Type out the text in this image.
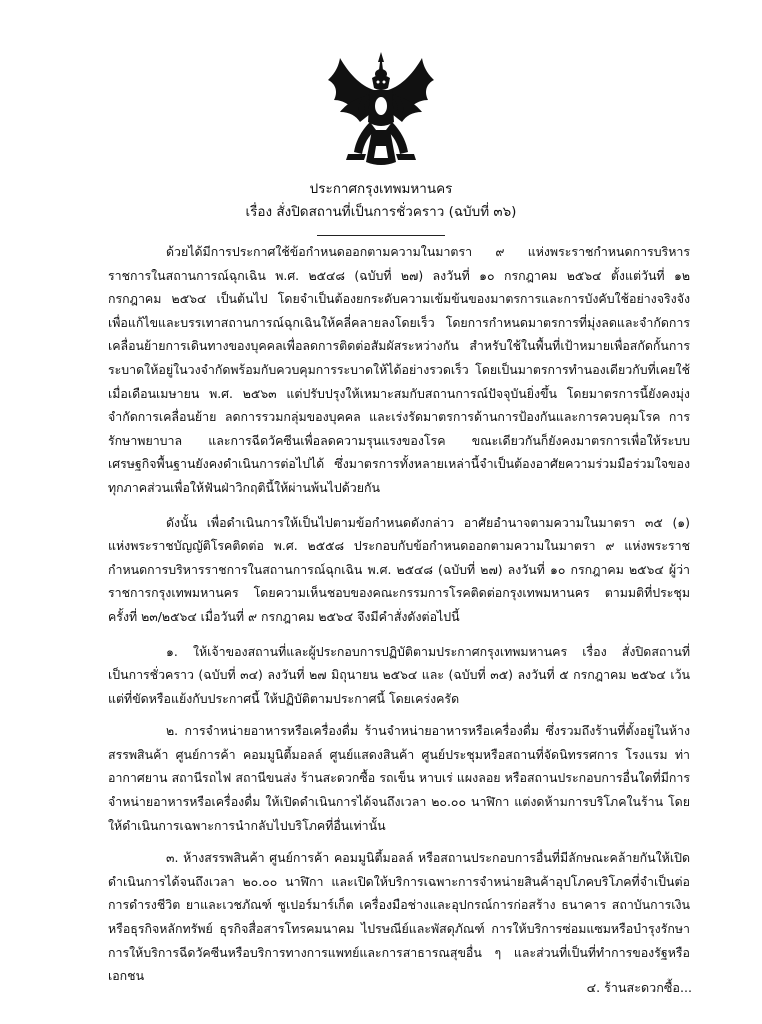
ประกาศกรุงเทพมหานคร
เรื่อง สั่งปิดสถานที่เป็นการชั่วคราว (ฉบับที่ ๓๖)

ด้วยได้มีการประกาศใช้ข้อกำหนดออกตามความในมาตรา ๙ แห่งพระราชกำหนดการบริหารราชการในสถานการณ์ฉุกเฉิน พ.ศ. ๒๕๔๘ (ฉบับที่ ๒๗) ลงวันที่ ๑๐ กรกฎาคม ๒๕๖๔ ตั้งแต่วันที่ ๑๒ กรกฎาคม ๒๕๖๔ เป็นต้นไป โดยจำเป็นต้องยกระดับความเข้มข้นของมาตรการและการบังคับใช้อย่างจริงจัง เพื่อแก้ไขและบรรเทาสถานการณ์ฉุกเฉินให้คลี่คลายลงโดยเร็ว โดยการกำหนดมาตรการที่มุ่งลดและจำกัดการเคลื่อนย้ายการเดินทางของบุคคลเพื่อลดการติดต่อสัมผัสระหว่างกัน สำหรับใช้ในพื้นที่เป้าหมายเพื่อสกัดกั้นการระบาดให้อยู่ในวงจำกัดพร้อมกับควบคุมการระบาดให้ได้อย่างรวดเร็ว โดยเป็นมาตรการทำนองเดียวกับที่เคยใช้เมื่อเดือนเมษายน พ.ศ. ๒๕๖๓ แต่ปรับปรุงให้เหมาะสมกับสถานการณ์ปัจจุบันยิ่งขึ้น โดยมาตรการนี้ยังคงมุ่งจำกัดการเคลื่อนย้าย ลดการรวมกลุ่มของบุคคล และเร่งรัดมาตรการด้านการป้องกันและการควบคุมโรค การรักษาพยาบาล และการฉีดวัคซีนเพื่อลดความรุนแรงของโรค ขณะเดียวกันก็ยังคงมาตรการเพื่อให้ระบบเศรษฐกิจพื้นฐานยังคงดำเนินการต่อไปได้ ซึ่งมาตรการทั้งหลายเหล่านี้จำเป็นต้องอาศัยความร่วมมือร่วมใจของทุกภาคส่วนเพื่อให้ฟันฝ่าวิกฤตินี้ให้ผ่านพ้นไปด้วยกัน

ดังนั้น เพื่อดำเนินการให้เป็นไปตามข้อกำหนดดังกล่าว อาศัยอำนาจตามความในมาตรา ๓๕ (๑) แห่งพระราชบัญญัติโรคติดต่อ พ.ศ. ๒๕๕๘ ประกอบกับข้อกำหนดออกตามความในมาตรา ๙ แห่งพระราชกำหนดการบริหารราชการในสถานการณ์ฉุกเฉิน พ.ศ. ๒๕๔๘ (ฉบับที่ ๒๗) ลงวันที่ ๑๐ กรกฎาคม ๒๕๖๔ ผู้ว่าราชการกรุงเทพมหานคร โดยความเห็นชอบของคณะกรรมการโรคติดต่อกรุงเทพมหานคร ตามมติที่ประชุม ครั้งที่ ๒๓/๒๕๖๔ เมื่อวันที่ ๙ กรกฎาคม ๒๕๖๔ จึงมีคำสั่งดังต่อไปนี้

๑. ให้เจ้าของสถานที่และผู้ประกอบการปฏิบัติตามประกาศกรุงเทพมหานคร เรื่อง สั่งปิดสถานที่เป็นการชั่วคราว (ฉบับที่ ๓๔) ลงวันที่ ๒๗ มิถุนายน ๒๕๖๔ และ (ฉบับที่ ๓๕) ลงวันที่ ๕ กรกฎาคม ๒๕๖๔ เว้นแต่ที่ขัดหรือแย้งกับประกาศนี้ ให้ปฏิบัติตามประกาศนี้ โดยเคร่งครัด

๒. การจำหน่ายอาหารหรือเครื่องดื่ม ร้านจำหน่ายอาหารหรือเครื่องดื่ม ซึ่งรวมถึงร้านที่ตั้งอยู่ในห้างสรรพสินค้า ศูนย์การค้า คอมมูนิตี้มอลล์ ศูนย์แสดงสินค้า ศูนย์ประชุมหรือสถานที่จัดนิทรรศการ โรงแรม ท่าอากาศยาน สถานีรถไฟ สถานีขนส่ง ร้านสะดวกซื้อ รถเข็น หาบเร่ แผงลอย หรือสถานประกอบการอื่นใดที่มีการจำหน่ายอาหารหรือเครื่องดื่ม ให้เปิดดำเนินการได้จนถึงเวลา ๒๐.๐๐ นาฬิกา แต่งดห้ามการบริโภคในร้าน โดยให้ดำเนินการเฉพาะการนำกลับไปบริโภคที่อื่นเท่านั้น

๓. ห้างสรรพสินค้า ศูนย์การค้า คอมมูนิตี้มอลล์ หรือสถานประกอบการอื่นที่มีลักษณะคล้ายกันให้เปิดดำเนินการได้จนถึงเวลา ๒๐.๐๐ นาฬิกา และเปิดให้บริการเฉพาะการจำหน่ายสินค้าอุปโภคบริโภคที่จำเป็นต่อการดำรงชีวิต ยาและเวชภัณฑ์ ซูเปอร์มาร์เก็ต เครื่องมือช่างและอุปกรณ์การก่อสร้าง ธนาคาร สถาบันการเงินหรือธุรกิจหลักทรัพย์ ธุรกิจสื่อสารโทรคมนาคม ไปรษณีย์และพัสดุภัณฑ์ การให้บริการซ่อมแซมหรือบำรุงรักษา การให้บริการฉีดวัคซีนหรือบริการทางการแพทย์และการสาธารณสุขอื่น ๆ และส่วนที่เป็นที่ทำการของรัฐหรือเอกชน

๔. ร้านสะดวกซื้อ...
